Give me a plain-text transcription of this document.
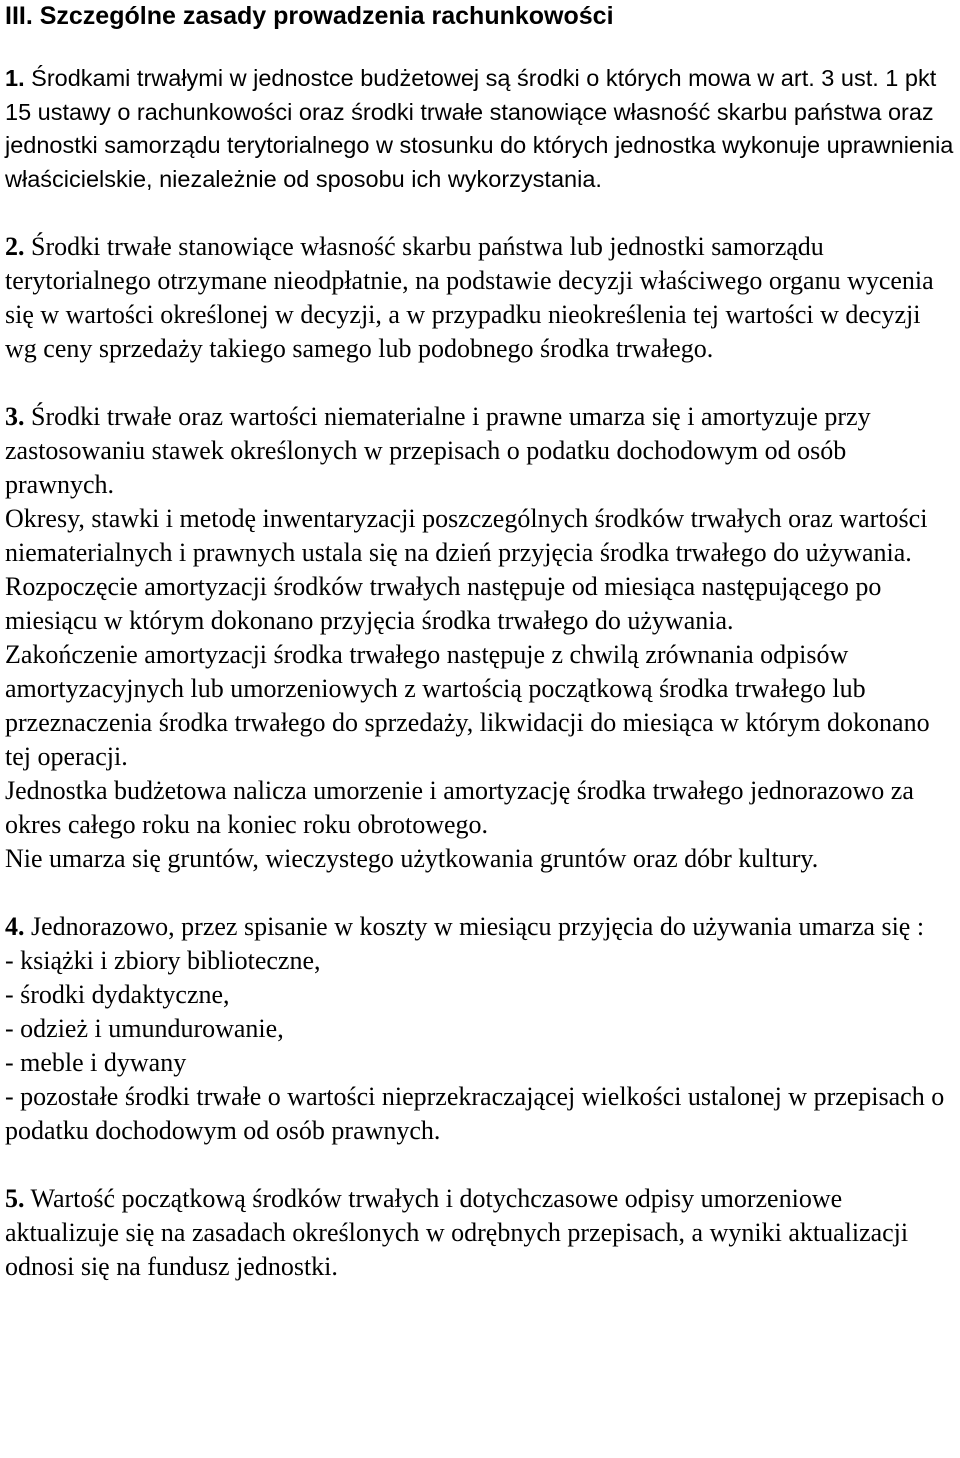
III. Szczególne zasady prowadzenia rachunkowości

1. Środkami trwałymi w jednostce budżetowej są środki o których mowa w art. 3 ust. 1 pkt 15 ustawy o rachunkowości oraz środki trwałe stanowiące własność skarbu państwa oraz jednostki samorządu terytorialnego w stosunku do których jednostka wykonuje uprawnienia właścicielskie, niezależnie od sposobu ich wykorzystania.

2. Środki trwałe stanowiące własność skarbu państwa lub jednostki samorządu terytorialnego otrzymane nieodpłatnie, na podstawie decyzji właściwego organu wycenia się w wartości określonej w decyzji, a w przypadku nieokreślenia tej wartości w decyzji wg ceny sprzedaży takiego samego lub podobnego środka trwałego.

3. Środki trwałe oraz wartości niematerialne i prawne umarza się i amortyzuje przy zastosowaniu stawek określonych w przepisach o podatku dochodowym od osób prawnych.
Okresy, stawki i metodę inwentaryzacji poszczególnych środków trwałych oraz wartości niematerialnych i prawnych ustala się na dzień przyjęcia środka trwałego do używania.
Rozpoczęcie amortyzacji środków trwałych następuje od miesiąca następującego po miesiącu w którym dokonano przyjęcia środka trwałego do używania.
Zakończenie amortyzacji środka trwałego następuje z chwilą zrównania odpisów amortyzacyjnych lub umorzeniowych z wartością początkową środka trwałego lub przeznaczenia środka trwałego do sprzedaży, likwidacji do miesiąca w którym dokonano tej operacji.
Jednostka budżetowa nalicza umorzenie i amortyzację środka trwałego jednorazowo za okres całego roku na koniec roku obrotowego.
Nie umarza się gruntów, wieczystego użytkowania gruntów oraz dóbr kultury.
4. Jednorazowo, przez spisanie w koszty w miesiącu przyjęcia do używania umarza się :
- książki i zbiory biblioteczne,
- środki dydaktyczne,
- odzież i umundurowanie,
- meble i dywany
- pozostałe środki trwałe o wartości nieprzekraczającej wielkości ustalonej w przepisach o podatku dochodowym od osób prawnych.

5. Wartość początkową środków trwałych i dotychczasowe odpisy umorzeniowe aktualizuje się na zasadach określonych w odrębnych przepisach, a wyniki aktualizacji odnosi się na fundusz jednostki.
